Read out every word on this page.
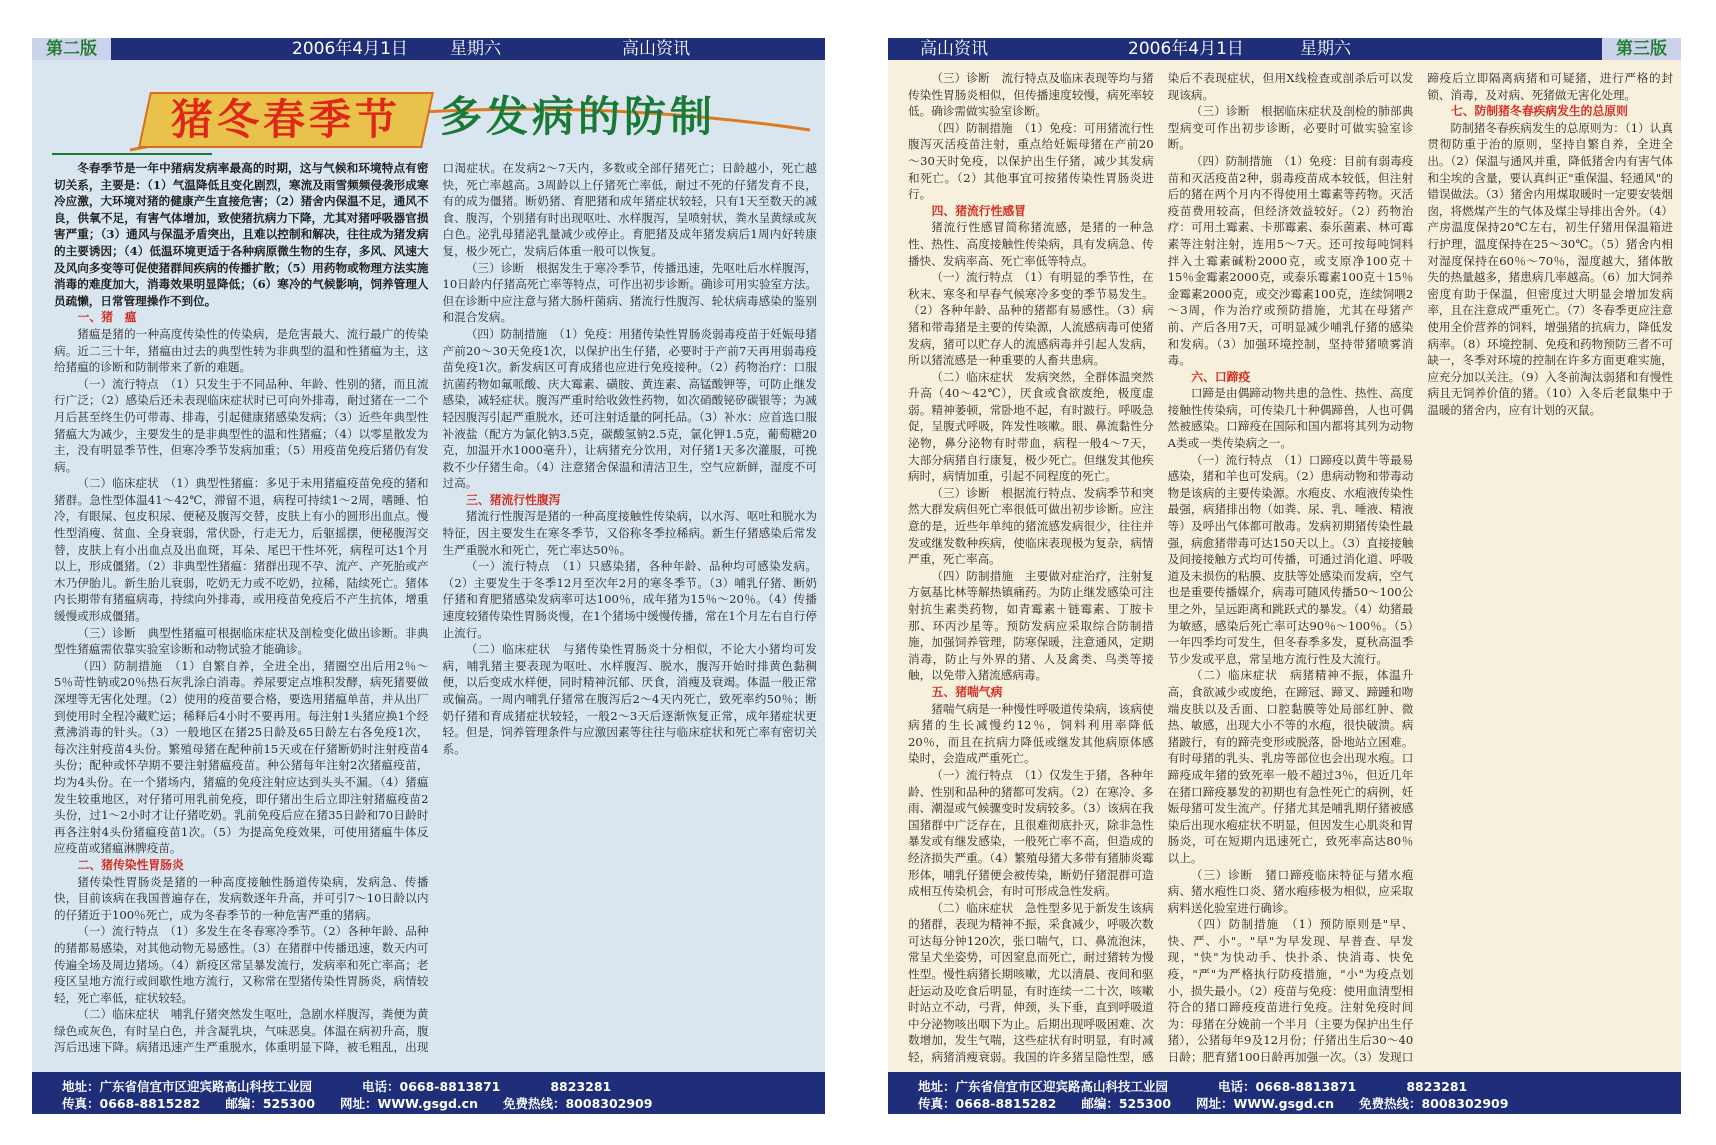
第二版	2006年4月1日 星期六	高山资讯
猪冬春季节 多发病的防制

冬春季节是一年中猪病发病率最高的时期，这与气候和环境特点有密切关系，主要是：（1）气温降低且变化剧烈，寒流及雨雪频频侵袭形成寒冷应激，大环境对猪的健康产生直接危害；（2）猪舍内保温不足，通风不良，供氧不足，有害气体增加，致使猪抗病力下降，尤其对猪呼吸器官损害严重；（3）通风与保温矛盾突出，且难以控制和解决，往往成为猪发病的主要诱因；（4）低温环境更适于各种病原微生物的生存，多风、风速大及风向多变等可促使猪群间疾病的传播扩散；（5）用药物或物理方法实施消毒的难度加大，消毒效果明显降低；（6）寒冷的气候影响，饲养管理人员疏懒，日常管理操作不到位。

一、猪　瘟

猪瘟是猪的一种高度传染性的传染病，是危害最大、流行最广的传染病。近二三十年，猪瘟由过去的典型性转为非典型的温和性猪瘟为主，这给猪瘟的诊断和防制带来了新的难题。

（一）流行特点　（1）只发生于不同品种、年龄、性别的猪，而且流行广泛；（2）感染后还未表现临床症状时已可向外排毒，耐过猪在一二个月后甚至终生仍可带毒、排毒，引起健康猪感染发病；（3）近些年典型性猪瘟大为减少，主要发生的是非典型性的温和性猪瘟；（4）以零星散发为主，没有明显季节性，但寒冷季节发病加重；（5）用疫苗免疫后猪仍有发病。

（二）临床症状　（1）典型性猪瘟：多见于未用猪瘟疫苗免疫的猪和猪群。急性型体温41～42℃，滞留不退，病程可持续1～2周，嗜睡、怕冷，有眼屎、包皮积尿、便秘及腹泻交替，皮肤上有小的圆形出血点。慢性型消瘦、贫血、全身衰弱，常伏卧，行走无力，后躯摇摆，便秘腹泻交替，皮肤上有小出血点及出血斑，耳朵、尾巴干性坏死，病程可达1个月以上，形成僵猪。（2）非典型性猪瘟：猪群出现不孕、流产、产死胎或产木乃伊胎儿。新生胎儿衰弱，吃奶无力或不吃奶，拉稀，陆续死亡。猪体内长期带有猪瘟病毒，持续向外排毒，或用疫苗免疫后不产生抗体，增重缓慢或形成僵猪。

（三）诊断　典型性猪瘟可根据临床症状及剖检变化做出诊断。非典型性猪瘟需依靠实验室诊断和动物试验才能确诊。

（四）防制措施　（1）自繁自养，全进全出，猪圈空出后用2％～5％苛性钠或20％热石灰乳涂白消毒。养尿要定点堆积发酵，病死猪要做深埋等无害化处理。（2）使用的疫苗要合格，要选用猪瘟单苗，并从出厂到使用时全程冷藏贮运；稀释后4小时不要再用。每注射1头猪应换1个经煮沸消毒的针头。（3）一般地区在猪25日龄及65日龄左右各免疫1次，每次注射疫苗4头份。繁殖母猪在配种前15天或在仔猪断奶时注射疫苗4头份；配种或怀孕期不要注射猪瘟疫苗。种公猪每年注射2次猪瘟疫苗，均为4头份。在一个猪场内，猪瘟的免疫注射应达到头头不漏。（4）猪瘟发生较重地区，对仔猪可用乳前免疫，即仔猪出生后立即注射猪瘟疫苗2头份，过1～2小时才让仔猪吃奶。乳前免疫后应在猪35日龄和70日龄时再各注射4头份猪瘟疫苗1次。（5）为提高免疫效果，可使用猪瘟牛体反应疫苗或猪瘟淋脾疫苗。

二、猪传染性胃肠炎

猪传染性胃肠炎是猪的一种高度接触性肠道传染病，发病急、传播快，目前该病在我国普遍存在，发病数逐年升高，并可引7～10日龄以内的仔猪近于100％死亡，成为冬春季节的一种危害严重的猪病。

（一）流行特点　（1）多发生在冬春寒冷季节。（2）各种年龄、品种的猪都易感染，对其他动物无易感性。（3）在猪群中传播迅速，数天内可传遍全场及周边猪场。（4）新疫区常呈暴发流行，发病率和死亡率高；老疫区呈地方流行或间歇性地方流行，又称常在型猪传染性胃肠炎，病情较轻，死亡率低，症状较轻。

（二）临床症状　哺乳仔猪突然发生呕吐，急剧水样腹泻，粪便为黄绿色或灰色，有时呈白色，并含凝乳块，气味恶臭。体温在病初升高，腹泻后迅速下降。病猪迅速产生严重脱水，体重明显下降，被毛粗乱，出现口渴症状。在发病2～7天内，多数或全部仔猪死亡；日龄越小，死亡越快，死亡率越高。3周龄以上仔猪死亡率低，耐过不死的仔猪发育不良，有的成为僵猪。断奶猪、育肥猪和成年猪症状较轻，只有1天至数天的减食、腹泻，个别猪有时出现呕吐、水样腹泻，呈喷射状，粪水呈黄绿或灰白色。泌乳母猪泌乳量减少或停止。育肥猪及成年猪发病后1周内好转康复，极少死亡，发病后体重一般可以恢复。

（三）诊断　根据发生于寒冷季节，传播迅速，先呕吐后水样腹泻，10日龄内仔猪高死亡率等特点，可作出初步诊断。确诊可用实验室方法。但在诊断中应注意与猪大肠杆菌病、猪流行性腹泻、轮状病毒感染的鉴别和混合发病。

（四）防制措施　（1）免疫：用猪传染性胃肠炎弱毒疫苗于妊娠母猪产前20～30天免疫1次，以保护出生仔猪，必要时于产前7天再用弱毒疫苗免疫1次。新发病区可育成猪也应进行免疫接种。（2）药物治疗：口服抗菌药物如氟哌酸、庆大霉素、磺胺、黄连素、高锰酸钾等，可防止继发感染，减轻症状。腹泻严重时给收敛性药物，如次硝酸铋矽碳银等；为减轻因腹泻引起严重脱水，还可注射适量的阿托品。（3）补水：应首选口服补液盐（配方为氯化钠3.5克，碳酸氢钠2.5克，氯化钾1.5克，葡萄糖20克，加温开水1000毫升），让病猪充分饮用，对仔猪1天多次灌服，可挽救不少仔猪生命。（4）注意猪舍保温和清洁卫生，空气应新鲜，湿度不可过高。

三、猪流行性腹泻

猪流行性腹泻是猪的一种高度接触性传染病，以水泻、呕吐和脱水为特征，因主要发生在寒冬季节，又俗称冬季拉稀病。新生仔猪感染后常发生严重脱水和死亡，死亡率达50％。

（一）流行特点　（1）只感染猪，各种年龄、品种均可感染发病。（2）主要发生于冬季12月至次年2月的寒冬季节。（3）哺乳仔猪、断奶仔猪和育肥猪感染发病率可达100％，成年猪为15％～20％。（4）传播速度较猪传染性胃肠炎慢，在1个猪场中缓慢传播，常在1个月左右自行停止流行。

（二）临床症状　与猪传染性胃肠炎十分相似，不论大小猪均可发病，哺乳猪主要表现为呕吐、水样腹泻、脱水，腹泻开始时排黄色黏稠便，以后变成水样便，同时精神沉郁、厌食，消瘦及衰竭。体温一般正常或偏高。一周内哺乳仔猪常在腹泻后2～4天内死亡，致死率约50％；断奶仔猪和育成猪症状较轻，一般2～3天后逐渐恢复正常，成年猪症状更轻。但是，饲养管理条件与应激因素等往往与临床症状和死亡率有密切关系。

地址：广东省信宜市区迎宾路高山科技工业园　　　　电话：0668-8813871　　　　8823281
传真：0668-8815282　　邮编：525300　　网址：WWW.gsgd.cn　　免费热线：8008302909
高山资讯	2006年4月1日	星期六	第三版

（三）诊断　流行特点及临床表现等均与猪传染性胃肠炎相似，但传播速度较慢，病死率较低。确诊需做实验室诊断。

（四）防制措施　（1）免疫：可用猪流行性腹泻灭活疫苗注射，重点给妊娠母猪在产前20～30天时免疫，以保护出生仔猪，减少其发病和死亡。（2）其他事宜可按猪传染性胃肠炎进行。

四、猪流行性感冒

猪流行性感冒简称猪流感，是猪的一种急性、热性、高度接触性传染病，具有发病急、传播快、发病率高、死亡率低等特点。

（一）流行特点　（1）有明显的季节性，在秋末、寒冬和早春气候寒冷多变的季节易发生。（2）各种年龄、品种的猪都有易感性。（3）病猪和带毒猪是主要的传染源，人流感病毒可使猪发病，猪可以贮存人的流感病毒并引起人发病，所以猪流感是一种重要的人畜共患病。

（二）临床症状　发病突然，全群体温突然升高（40～42℃），厌食或食欲废绝，极度虚弱。精神萎顿，常卧地不起，有时跛行。呼吸急促，呈腹式呼吸，阵发性咳嗽。眼、鼻流黏性分泌物，鼻分泌物有时带血，病程一般4～7天，大部分病猪自行康复，极少死亡。但继发其他疾病时，病情加重，引起不同程度的死亡。

（三）诊断　根据流行特点、发病季节和突然大群发病但死亡率很低可做出初步诊断。应注意的是，近些年单纯的猪流感发病很少，往往并发或继发数种疾病，使临床表现极为复杂，病情严重，死亡率高。

（四）防制措施　主要做对症治疗，注射复方氨基比林等解热镇痛药。为防止继发感染可注射抗生素类药物，如青霉素＋链霉素、丁胺卡那、环丙沙星等。预防发病应采取综合防制措施，加强饲养管理，防寒保暖，注意通风，定期消毒，防止与外界的猪、人及禽类、鸟类等接触，以免带入猪流感病毒。

五、猪喘气病

猪喘气病是一种慢性呼吸道传染病，该病使病猪的生长减慢约12％，饲料利用率降低20％，而且在抗病力降低或继发其他病原体感染时，会造成严重死亡。

（一）流行特点　（1）仅发生于猪，各种年龄、性别和品种的猪都可发病。（2）在寒冷、多雨、潮湿或气候骤变时发病较多。（3）该病在我国猪群中广泛存在，且很难彻底扑灭，除非急性暴发或有继发感染，一般死亡率不高，但造成的经济损失严重。（4）繁殖母猪大多带有猪肺炎霉形体，哺乳仔猪便会被传染，断奶仔猪混群可造成相互传染机会，有时可形成急性发病。

（二）临床症状　急性型多见于新发生该病的猪群，表现为精神不振，采食减少，呼吸次数可达每分钟120次，张口喘气，口、鼻流泡沫，常呈犬坐姿势，可因窒息而死亡，耐过猪转为慢性型。慢性病猪长期咳嗽，尤以清晨、夜间和驱赶运动及吃食后明显，有时连续一二十次，咳嗽时站立不动，弓背，伸颈，头下垂，直到呼吸道中分泌物咳出咽下为止。后期出现呼吸困难、次数增加，发生气喘，这些症状有时明显，有时减轻，病猪消瘦衰弱。我国的许多猪呈隐性型，感染后不表现症状，但用X线检查或剖杀后可以发现该病。

（三）诊断　根据临床症状及剖检的肺部典型病变可作出初步诊断，必要时可做实验室诊断。

（四）防制措施　（1）免疫：目前有弱毒疫苗和灭活疫苗2种，弱毒疫苗成本较低，但注射后的猪在两个月内不得使用土霉素等药物。灭活疫苗费用较高，但经济效益较好。（2）药物治疗：可用土霉素、卡那霉素、泰乐菌素、林可霉素等注射注射，连用5～7天。还可按每吨饲料拌入土霉素碱粉2000克，或支原净100克＋15％金霉素2000克，或泰乐霉素100克＋15％金霉素2000克，或交沙霉素100克，连续饲喂2～3周，作为治疗或预防措施，尤其在母猪产前、产后各用7天，可明显减少哺乳仔猪的感染和发病。（3）加强环境控制，坚持带猪喷雾消毒。

六、口蹄疫

口蹄是由偶蹄动物共患的急性、热性、高度接触性传染病，可传染几十种偶蹄兽，人也可偶然被感染。口蹄疫在国际和国内都将其列为动物A类或一类传染病之一。

（一）流行特点　（1）口蹄疫以黄牛等最易感染，猪和羊也可发病。（2）患病动物和带毒动物是该病的主要传染源。水疱皮、水疱液传染性最强，病猪排出物（如粪、尿、乳、唾液、精液等）及呼出气体都可散毒。发病初期猪传染性最强，病愈猪带毒可达150天以上。（3）直接接触及间接接触方式均可传播，可通过消化道、呼吸道及未损伤的粘膜、皮肤等处感染而发病，空气也是重要传播媒介，病毒可随风传播50～100公里之外，呈远距离和跳跃式的暴发。（4）幼猪最为敏感，感染后死亡率可达90％～100％。（5）一年四季均可发生，但冬春季多发，夏秋高温季节少发或平息，常呈地方流行性及大流行。

（二）临床症状　病猪精神不振，体温升高，食欲减少或废绝，在蹄冠、蹄叉、蹄踵和吻端皮肤以及舌面、口腔黏膜等处局部红肿、微热、敏感，出现大小不等的水疱，很快破溃。病猪跛行，有的蹄壳变形或脱落，卧地站立困难。有时母猪的乳头、乳房等部位也会出现水疱。口蹄疫成年猪的致死率一般不超过3％，但近几年在猪口蹄疫暴发的初期也有急性死亡的病例，妊娠母猪可发生流产。仔猪尤其是哺乳期仔猪被感染后出现水疱症状不明显，但因发生心肌炎和胃肠炎，可在短期内迅速死亡，致死率高达80％以上。

（三）诊断　猪口蹄疫临床特征与猪水疱病、猪水疱性口炎、猪水疱疹极为相似，应采取病料送化验室进行确诊。

（四）防制措施　（1）预防原则是"早、快、严、小"。"早"为早发现、早普查、早发现，"快"为快动手、快扑杀、快消毒、快免疫，"严"为严格执行防疫措施，"小"为疫点划小，损失最小。（2）疫苗与免疫：使用血清型相符合的猪口蹄疫疫苗进行免疫。注射免疫时间为：母猪在分娩前一个半月（主要为保护出生仔猪），公猪每年9及12月份；仔猪出生后30～40日龄；肥育猪100日龄再加强一次。（3）发现口蹄疫后立即隔离病猪和可疑猪，进行严格的封锁、消毒，及对病、死猪做无害化处理。

七、防制猪冬春疾病发生的总原则

防制猪冬春疾病发生的总原则为：（1）认真贯彻防重于治的原则，坚持自繁自养，全进全出。（2）保温与通风并重，降低猪舍内有害气体和尘埃的含量，要认真纠正"重保温、轻通风"的错误做法。（3）猪舍内用煤取暖时一定要安装烟囱，将燃煤产生的气体及煤尘导排出舍外。（4）产房温度保持20℃左右，初生仔猪用保温箱进行护理，温度保持在25～30℃。（5）猪舍内相对湿度保持在60％～70％，湿度越大，猪体散失的热量越多，猪患病几率越高。（6）加大饲养密度有助于保温，但密度过大明显会增加发病率，且在注意成严重死亡。（7）冬春季更应注意使用全价营养的饲料，增强猪的抗病力，降低发病率。（8）环境控制、免疫和药物预防三者不可缺一，冬季对环境的控制在许多方面更难实施，应充分加以关注。（9）入冬前淘汰弱猪和有慢性病且无饲养价值的猪。（10）入冬后老鼠集中于温暖的猪舍内，应有计划的灭鼠。

地址：广东省信宜市区迎宾路高山科技工业园　　　　电话：0668-8813871　　　　8823281
传真：0668-8815282　　邮编：525300　　网址：WWW.gsgd.cn　　免费热线：8008302909
